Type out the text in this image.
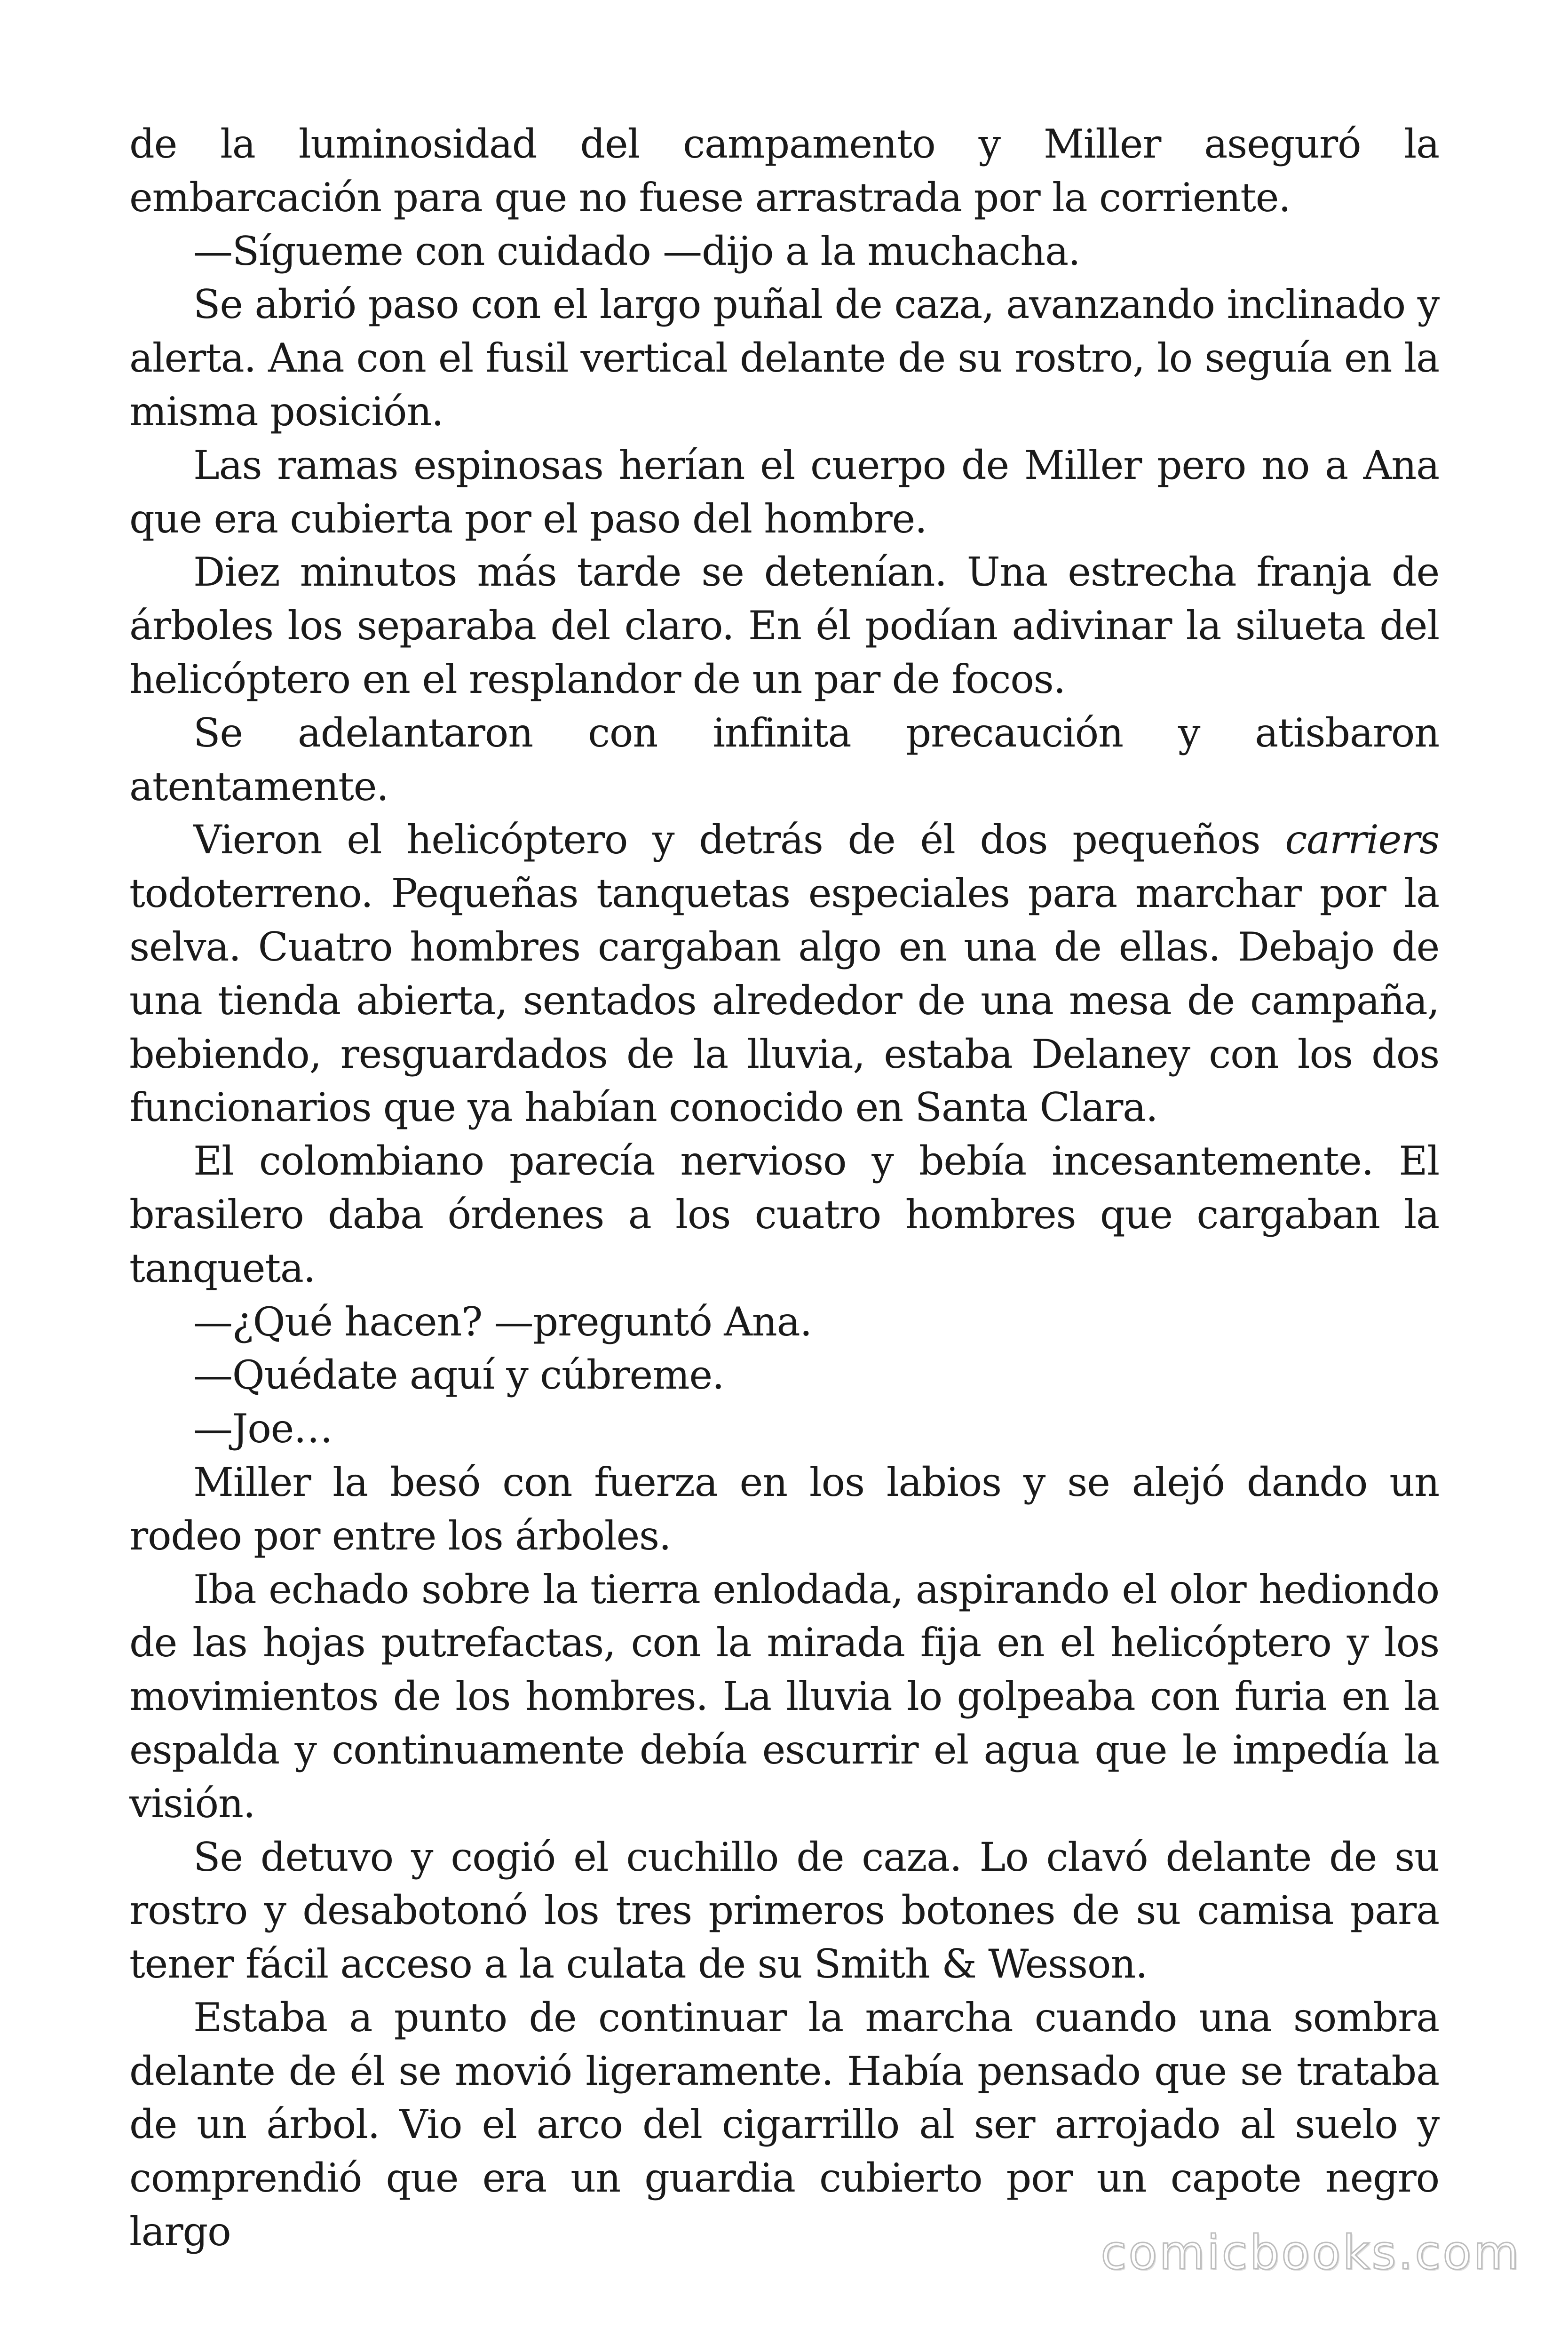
de la luminosidad del campamento y Miller aseguró la embarcación para que no fuese arrastrada por la corriente.

—Sígueme con cuidado —dijo a la muchacha.

Se abrió paso con el largo puñal de caza, avanzando inclinado y alerta. Ana con el fusil vertical delante de su rostro, lo seguía en la misma posición.

Las ramas espinosas herían el cuerpo de Miller pero no a Ana que era cubierta por el paso del hombre.

Diez minutos más tarde se detenían. Una estrecha franja de árboles los separaba del claro. En él podían adivinar la silueta del helicóptero en el resplandor de un par de focos.

Se adelantaron con infinita precaución y atisbaron atentamente.

Vieron el helicóptero y detrás de él dos pequeños carriers todoterreno. Pequeñas tanquetas especiales para marchar por la selva. Cuatro hombres cargaban algo en una de ellas. Debajo de una tienda abierta, sentados alrededor de una mesa de campaña, bebiendo, resguardados de la lluvia, estaba Delaney con los dos funcionarios que ya habían conocido en Santa Clara.

El colombiano parecía nervioso y bebía incesantemente. El brasilero daba órdenes a los cuatro hombres que cargaban la tanqueta.

—¿Qué hacen? —preguntó Ana.

—Quédate aquí y cúbreme.

—Joe…

Miller la besó con fuerza en los labios y se alejó dando un rodeo por entre los árboles.

Iba echado sobre la tierra enlodada, aspirando el olor hediondo de las hojas putrefactas, con la mirada fija en el helicóptero y los movimientos de los hombres. La lluvia lo golpeaba con furia en la espalda y continuamente debía escurrir el agua que le impedía la visión.

Se detuvo y cogió el cuchillo de caza. Lo clavó delante de su rostro y desabotonó los tres primeros botones de su camisa para tener fácil acceso a la culata de su Smith & Wesson.

Estaba a punto de continuar la marcha cuando una sombra delante de él se movió ligeramente. Había pensado que se trataba de un árbol. Vio el arco del cigarrillo al ser arrojado al suelo y comprendió que era un guardia cubierto por un capote negro largo	comicbooks.com
